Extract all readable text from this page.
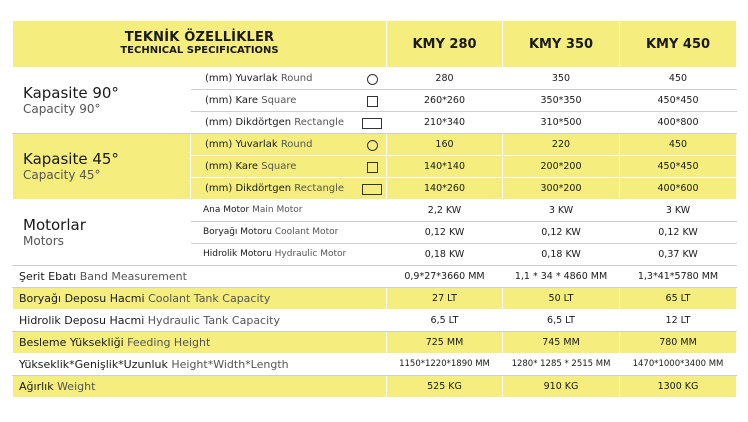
TEKNİK ÖZELLİKLER
TECHNICAL SPECIFICATIONS		KMY 280	KMY 350	KMY 450

Kapasite 90°
Capacity 90°	(mm) Yuvarlak Round	280	350	450
	(mm) Kare Square	260*260	350*350	450*450
	(mm) Dikdörtgen Rectangle	210*340	310*500	400*800

Kapasite 45°
Capacity 45°	(mm) Yuvarlak Round	160	220	450
	(mm) Kare Square	140*140	200*200	450*450
	(mm) Dikdörtgen Rectangle	140*260	300*200	400*600

Motorlar
Motors	Ana Motor Main Motor	2,2 KW	3 KW	3 KW
	Boryağı Motoru Coolant Motor	0,12 KW	0,12 KW	0,12 KW
	Hidrolik Motoru Hydraulic Motor	0,18 KW	0,18 KW	0,37 KW
Şerit Ebatı Band Measurement		0,9*27*3660 MM	1,1 * 34 * 4860 MM	1,3*41*5780 MM
Boryağı Deposu Hacmi Coolant Tank Capacity		27 LT	50 LT	65 LT
Hidrolik Deposu Hacmi Hydraulic Tank Capacity		6,5 LT	6,5 LT	12 LT
Besleme Yüksekliği Feeding Height		725 MM	745 MM	780 MM
Yükseklik*Genişlik*Uzunluk Height*Width*Length		1150*1220*1890 MM	1280* 1285 * 2515 MM	1470*1000*3400 MM
Ağırlık Weight		525 KG	910 KG	1300 KG
